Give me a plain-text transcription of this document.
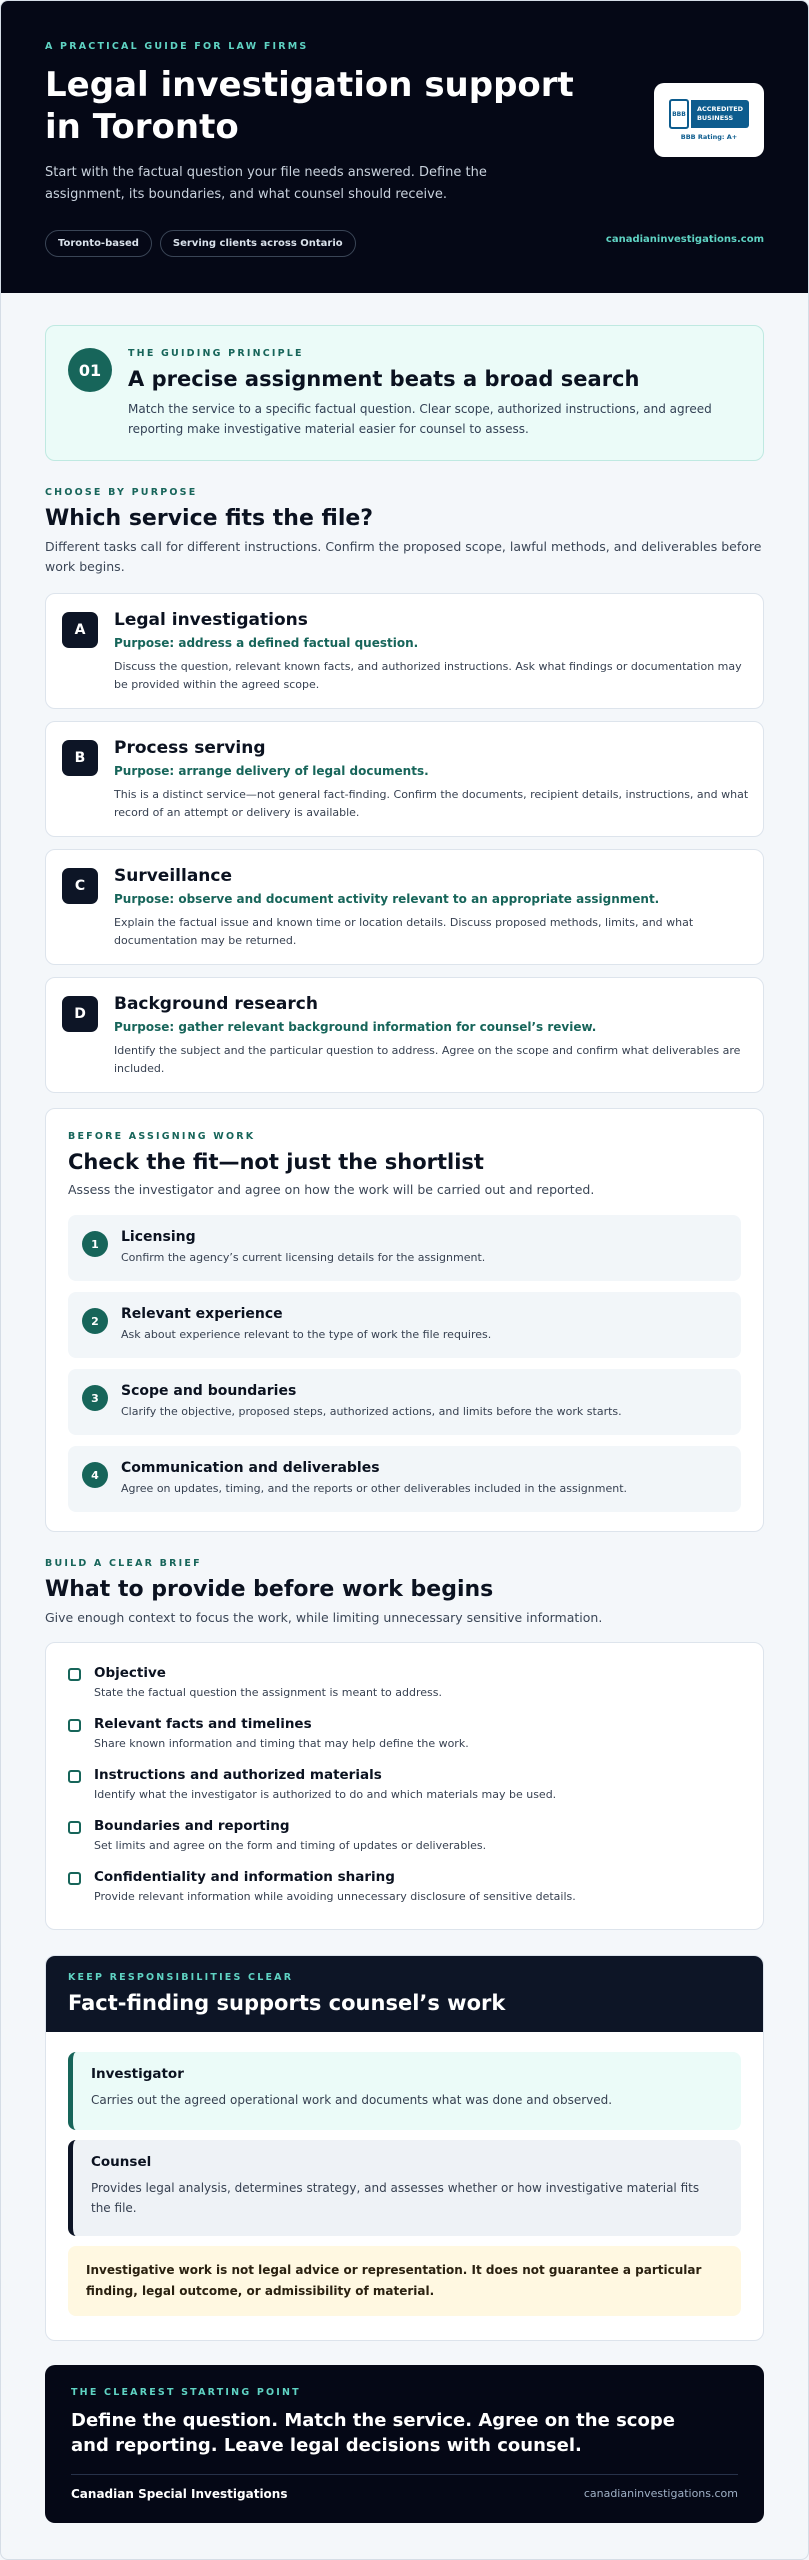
A PRACTICAL GUIDE FOR LAW FIRMS
Legal investigation support in Toronto

Start with the factual question your file needs answered. Define the assignment, its boundaries, and what counsel should receive.

Toronto-based	Serving clients across Ontario
BBB
ACCREDITED
BUSINESS
BBB Rating: A+
canadianinvestigations.com
01
THE GUIDING PRINCIPLE
A precise assignment beats a broad search

Match the service to a specific factual question. Clear scope, authorized instructions, and agreed reporting make investigative material easier for counsel to assess.

CHOOSE BY PURPOSE
Which service fits the file?

Different tasks call for different instructions. Confirm the proposed scope, lawful methods, and deliverables before work begins.

A	Legal investigations
Purpose: address a defined factual question.

Discuss the question, relevant known facts, and authorized instructions. Ask what findings or documentation may be provided within the agreed scope.

B	Process serving
Purpose: arrange delivery of legal documents.

This is a distinct service—not general fact-finding. Confirm the documents, recipient details, instructions, and what record of an attempt or delivery is available.

C	Surveillance
Purpose: observe and document activity relevant to an appropriate assignment.

Explain the factual issue and known time or location details. Discuss proposed methods, limits, and what documentation may be returned.

D	Background research
Purpose: gather relevant background information for counsel’s review.

Identify the subject and the particular question to address. Agree on the scope and confirm what deliverables are included.

BEFORE ASSIGNING WORK
Check the fit—not just the shortlist

Assess the investigator and agree on how the work will be carried out and reported.

1	Licensing

Confirm the agency’s current licensing details for the assignment.

2	Relevant experience

Ask about experience relevant to the type of work the file requires.

3	Scope and boundaries

Clarify the objective, proposed steps, authorized actions, and limits before the work starts.

4	Communication and deliverables

Agree on updates, timing, and the reports or other deliverables included in the assignment.

BUILD A CLEAR BRIEF
What to provide before work begins

Give enough context to focus the work, while limiting unnecessary sensitive information.

Objective

State the factual question the assignment is meant to address.

Relevant facts and timelines

Share known information and timing that may help define the work.

Instructions and authorized materials

Identify what the investigator is authorized to do and which materials may be used.

Boundaries and reporting

Set limits and agree on the form and timing of updates or deliverables.

Confidentiality and information sharing

Provide relevant information while avoiding unnecessary disclosure of sensitive details.

KEEP RESPONSIBILITIES CLEAR
Fact-finding supports counsel’s work
Investigator

Carries out the agreed operational work and documents what was done and observed.

Counsel

Provides legal analysis, determines strategy, and assesses whether or how investigative material fits the file.

Investigative work is not legal advice or representation. It does not guarantee a particular finding, legal outcome, or admissibility of material.
THE CLEAREST STARTING POINT
Define the question. Match the service. Agree on the scope and reporting. Leave legal decisions with counsel.
Canadian Special Investigations	canadianinvestigations.com
